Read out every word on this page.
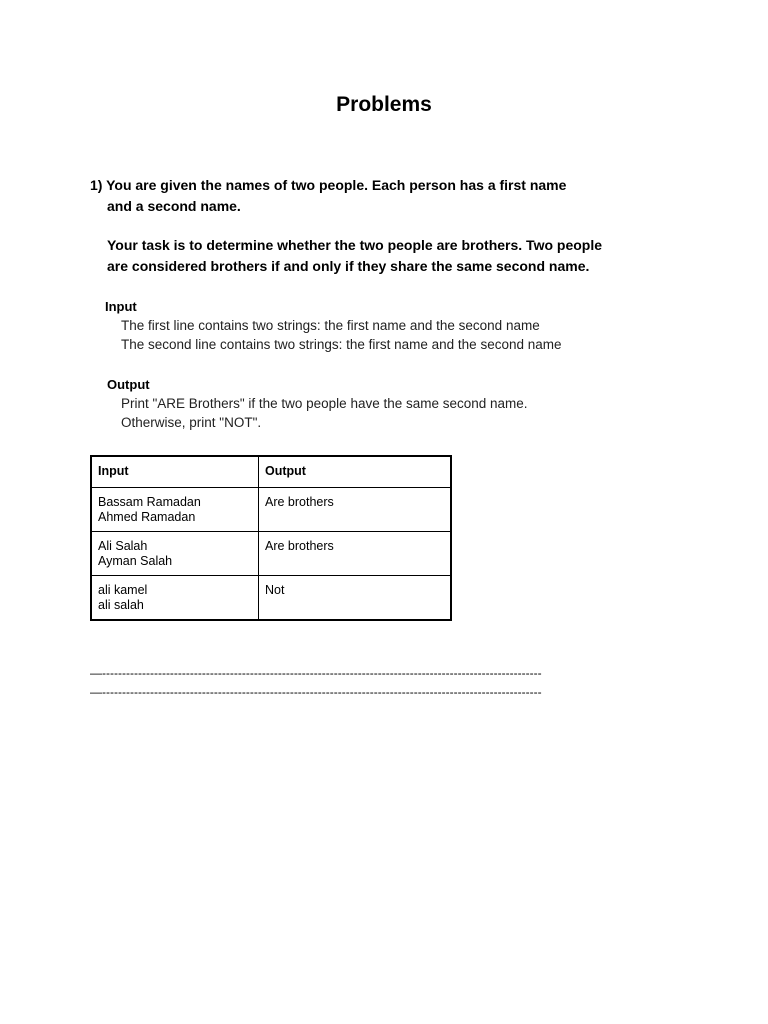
Problems
1) You are given the names of two people. Each person has a first name
and a second name.
Your task is to determine whether the two people are brothers. Two people
are considered brothers if and only if they share the same second name.
Input
The first line contains two strings: the first name and the second name
The second line contains two strings: the first name and the second name
Output
Print "ARE Brothers" if the two people have the same second name.
Otherwise, print "NOT".
Input	Output

Bassam Ramadan
Ahmed Ramadan	Are brothers

Ali Salah
Ayman Salah	Are brothers

ali kamel
ali salah	Not
—--------------------------------------------------------------------------------------------------------------
—--------------------------------------------------------------------------------------------------------------
